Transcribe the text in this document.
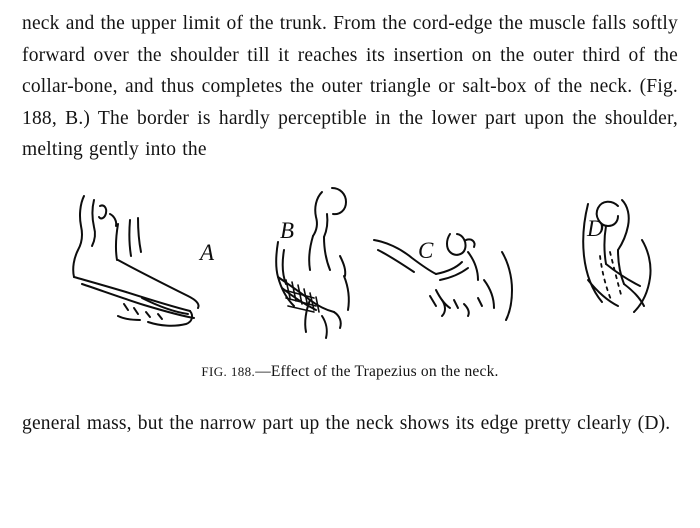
neck and the upper limit of the trunk. From the cord-edge the muscle falls softly forward over the shoulder till it reaches its insertion on the outer third of the collar-bone, and thus completes the outer triangle or salt-box of the neck. (Fig. 188, B.) The border is hardly perceptible in the lower part upon the shoulder, melting gently into the

A
B
C
D
FIG. 188.—Effect of the Trapezius on the neck.

general mass, but the narrow part up the neck shows its edge pretty clearly (D).
